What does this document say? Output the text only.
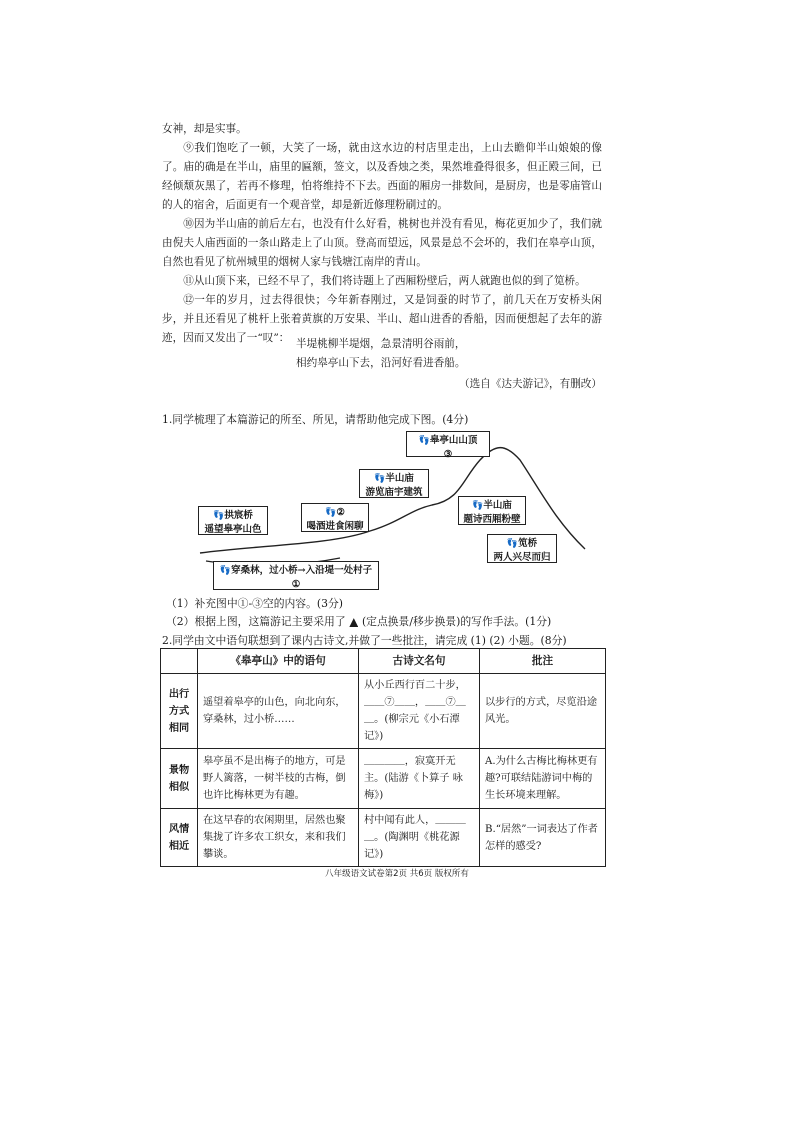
女神，却是实事。

⑨我们饱吃了一顿，大笑了一场，就由这水边的村店里走出，上山去瞻仰半山娘娘的像了。庙的确是在半山，庙里的匾额，签文，以及香烛之类，果然堆叠得很多，但正殿三间，已经倾颓灰黑了，若再不修理，怕将维持不下去。西面的厢房一排数间，是厨房，也是零庙管山的人的宿舍，后面更有一个观音堂，却是新近修理粉刷过的。

⑩因为半山庙的前后左右，也没有什么好看，桃树也并没有看见，梅花更加少了，我们就由倪夫人庙西面的一条山路走上了山顶。登高而望远，风景是总不会坏的，我们在皋亭山顶，自然也看见了杭州城里的烟树人家与钱塘江南岸的青山。

⑪从山顶下来，已经不早了，我们将诗题上了西厢粉壁后，两人就跑也似的到了笕桥。

⑫一年的岁月，过去得很快；今年新春刚过，又是饲蚕的时节了，前几天在万安桥头闲步，并且还看见了桃杆上张着黄旗的万安果、半山、超山进香的香船，因而便想起了去年的游迹，因而又发出了一“叹”： 半堤桃柳半堤烟，急景清明谷雨前，
相约皋亭山下去，沿河好看进香船。
（选自《达夫游记》，有删改）
1.同学梳理了本篇游记的所至、所见，请帮助他完成下图。(4分)
👣皋亭山山顶
③
👣半山庙
游览庙宇建筑
👣半山庙
题诗西厢粉壁
👣拱宸桥
遥望皋亭山色
👣②
喝酒进食闲聊
👣笕桥
两人兴尽而归
👣穿桑林，过小桥→入沿堤一处村子
①
（1）补充图中①-③空的内容。(3分)
（2）根据上图，这篇游记主要采用了 ▲ (定点换景/移步换景)的写作手法。(1分)
2.同学由文中语句联想到了课内古诗文,并做了一些批注，请完成 (1) (2) 小题。(8分)
	《皋亭山》中的语句	古诗文名句	批注
出行方式相同	遥望着皋亭的山色，向北向东，穿桑林，过小桥……	从小丘西行百二十步，＿＿⑦＿＿，＿＿⑦＿＿。(柳宗元《小石潭记》)	以步行的方式，尽览沿途风光。
景物相似	皋亭虽不是出梅子的地方，可是野人篱落，一树半枝的古梅，倒也许比梅林更为有趣。	＿＿＿＿，寂寞开无主。(陆游《卜算子 咏梅》)	A.为什么古梅比梅林更有趣?可联结陆游词中梅的生长环境来理解。
风情相近	在这早春的农闲期里，居然也聚集拢了许多农工织女，来和我们攀谈。	村中闻有此人，＿＿＿＿。(陶渊明《桃花源记》)	B.“居然”一词表达了作者怎样的感受?
八年级语文试卷第2页 共6页 版权所有
